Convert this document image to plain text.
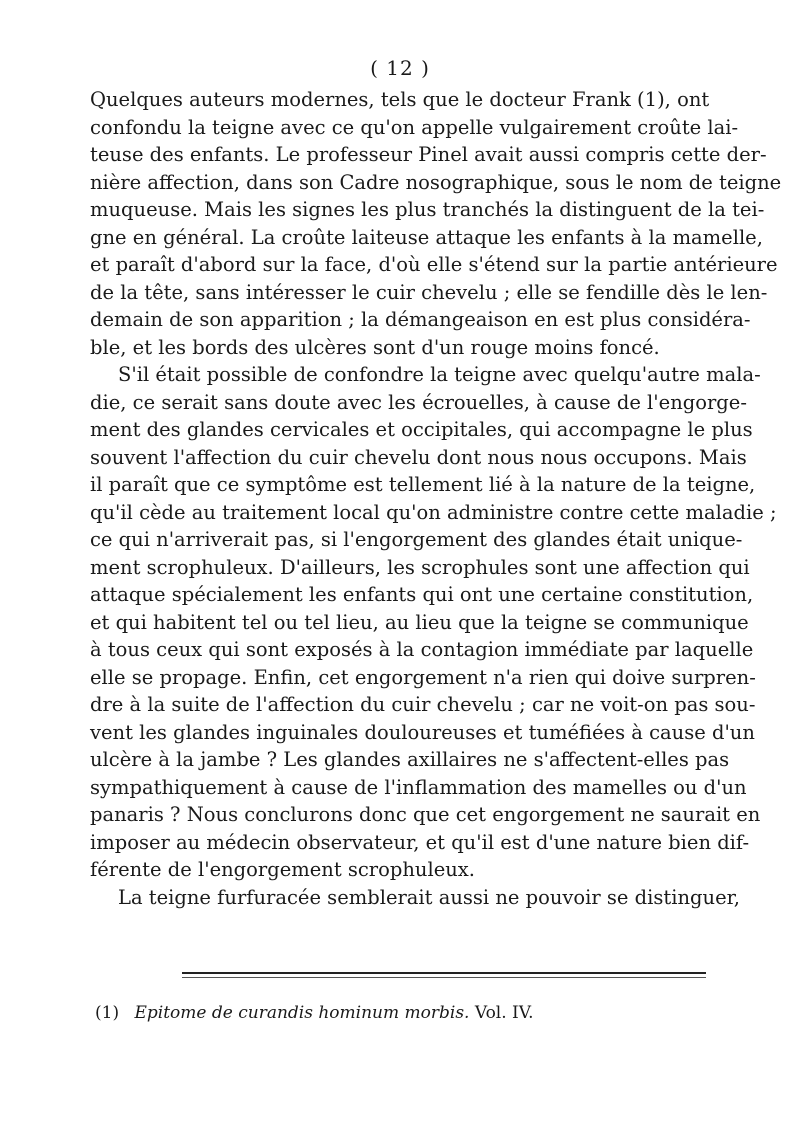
( 12 )
Quelques auteurs modernes, tels que le docteur Frank (1), ont
confondu la teigne avec ce qu'on appelle vulgairement croûte lai-
teuse des enfants. Le professeur Pinel avait aussi compris cette der-
nière affection, dans son Cadre nosographique, sous le nom de teigne
muqueuse. Mais les signes les plus tranchés la distinguent de la tei-
gne en général. La croûte laiteuse attaque les enfants à la mamelle,
et paraît d'abord sur la face, d'où elle s'étend sur la partie antérieure
de la tête, sans intéresser le cuir chevelu ; elle se fendille dès le len-
demain de son apparition ; la démangeaison en est plus considéra-
ble, et les bords des ulcères sont d'un rouge moins foncé.
S'il était possible de confondre la teigne avec quelqu'autre mala-
die, ce serait sans doute avec les écrouelles, à cause de l'engorge-
ment des glandes cervicales et occipitales, qui accompagne le plus
souvent l'affection du cuir chevelu dont nous nous occupons. Mais
il paraît que ce symptôme est tellement lié à la nature de la teigne,
qu'il cède au traitement local qu'on administre contre cette maladie ;
ce qui n'arriverait pas, si l'engorgement des glandes était unique-
ment scrophuleux. D'ailleurs, les scrophules sont une affection qui
attaque spécialement les enfants qui ont une certaine constitution,
et qui habitent tel ou tel lieu, au lieu que la teigne se communique
à tous ceux qui sont exposés à la contagion immédiate par laquelle
elle se propage. Enfin, cet engorgement n'a rien qui doive surpren-
dre à la suite de l'affection du cuir chevelu ; car ne voit-on pas sou-
vent les glandes inguinales douloureuses et tuméfiées à cause d'un
ulcère à la jambe ? Les glandes axillaires ne s'affectent-elles pas
sympathiquement à cause de l'inflammation des mamelles ou d'un
panaris ? Nous conclurons donc que cet engorgement ne saurait en
imposer au médecin observateur, et qu'il est d'une nature bien dif-
férente de l'engorgement scrophuleux.
La teigne furfuracée semblerait aussi ne pouvoir se distinguer,
(1) Epitome de curandis hominum morbis. Vol. IV.
